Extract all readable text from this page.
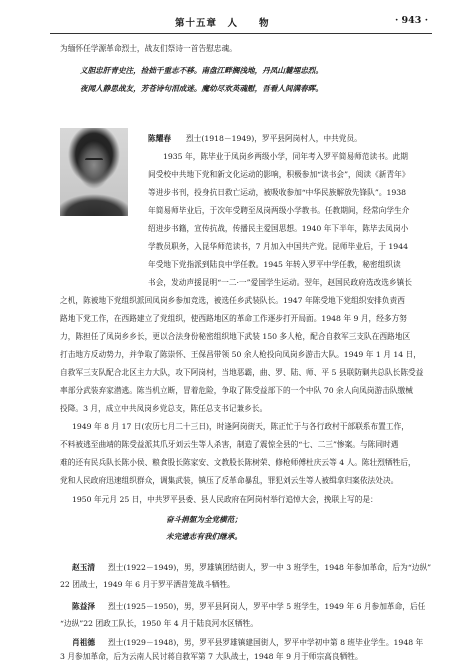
第十五章　人　　物	· 943 ·
为缅怀任学源革命烈士，战友们祭诗一首告慰忠魂。
义胆忠肝青史注，捡拙千重志不移。南盘江畔搁浅地，丹凤山麓埋忠烈。
夜闻人静思战友，芳苍诗句泪成迷。魔幼尽欢英魂慰，吾看人间满春晖。
陈耀春 烈士(1918－1949)，罗平县阿岗村人，中共党员。
1935 年，陈毕业于凤岗乡两级小学，同年考入罗平简易师范读书。此期
间受校中共地下党和新文化运动的影响，积极参加“读书会”，阅读《新青年》
等进步书刊，投身抗日救亡运动，被吸收参加“中华民族解放先锋队”。1938
年简易师毕业后，于次年受聘至凤岗两级小学教书。任教期间，经常向学生介
绍进步书籍，宣传抗战，传播民主爱国思想。1940 年下半年，陈毕去凤岗小
学教员职务，入昆华师范读书，7 月加入中国共产党。昆师毕业后，于 1944
年受地下党指派到陆良中学任教。1945 年转入罗平中学任教，秘密组织读
书会，发动声援昆明“一二·一”爱国学生运动。翌年，赵国民政府选改选乡镇长
之机，陈被地下党组织派回凤岗乡参加竞选，被选任乡武装队长。1947 年陈受地下党组织安排负责西
路地下党工作，在西路建立了党组织，使西路地区的革命工作逐步打开局面。1948 年 9 月，经多方努
力，陈担任了凤岗乡乡长，更以合法身份秘密组织地下武装 150 多人枪，配合自救军三支队在西路地区
打击地方反动势力，并争取了陈崇怀、王保昌带领 50 余人枪投向凤岗乡游击大队。1949 年 1 月 14 日，
自救军三支队配合北区主力大队，攻下阿岗村，当地恶霸，曲、罗、陆、师、平 5 县联防剿共总队长陈受益
率部分武装弃家潜逃。陈当机立断，冒着危险，争取了陈受益部下的一个中队 70 余人向凤岗游击队缴械
投降。3 月，成立中共凤岗乡党总支，陈任总支书记兼乡长。
1949 年 8 月 17 日(农历七月二十三日)，时逢阿岗街天，陈正忙于与各行政村干部联系布置工作，
不料被逃至曲靖的陈受益派其爪牙刘云生等人杀害，制造了震惊全县的“七、二三”惨案。与陈同时遇
难的还有民兵队长陈小侯、粮食股长陈家安、文教股长陈树荣、修枪师傅杜庆云等 4 人。陈壮烈牺牲后，
党和人民政府迅速组织群众，调集武装，镇压了反革命暴乱，罪犯刘云生等人被缉拿归案依法处决。
1950 年元月 25 日，中共罗平县委、县人民政府在阿岗村举行追悼大会，挽联上写的是：
奋斗捐躯为全党横范；
未完遗志有我们继承。
赵玉清 烈士(1922－1949)，男，罗雄镇团结街人，罗一中 3 班学生，1948 年参加革命，后为“边纵”
22 团战士，1949 年 6 月于罗平洒昔笼战斗牺牲。
陈益泽 烈士(1925－1950)，男，罗平县阿岗人，罗平中学 5 班学生，1949 年 6 月参加革命，后任
“边纵”22 团政工队长，1950 年 4 月于陆良河水区牺牲。
肖祖德 烈士(1929－1948)，男，罗平县罗雄镇建国街人，罗平中学初中第 8 班毕业学生。1948 年
3 月参加革命，后为云南人民讨蒋自救军第 7 大队战士，1948 年 9 月于师宗高良牺牲。
